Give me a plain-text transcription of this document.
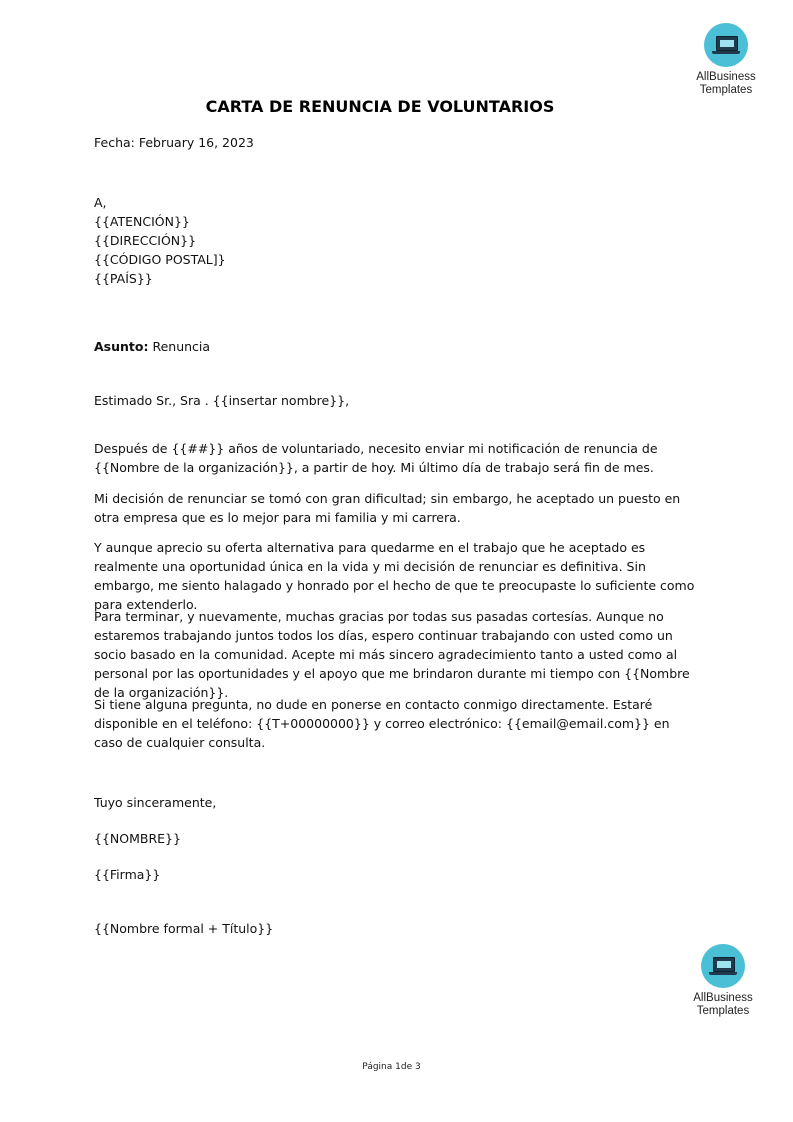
AllBusiness
Templates
CARTA DE RENUNCIA DE VOLUNTARIOS
Fecha: February 16, 2023
A,
{{ATENCIÓN}}
{{DIRECCIÓN}}
{{CÓDIGO POSTAL]}
{{PAÍS}}
Asunto: Renuncia
Estimado Sr., Sra . {{insertar nombre}},
Después de {{##}} años de voluntariado, necesito enviar mi notificación de renuncia de {{Nombre de la organización}}, a partir de hoy. Mi último día de trabajo será fin de mes.
Mi decisión de renunciar se tomó con gran dificultad; sin embargo, he aceptado un puesto en otra empresa que es lo mejor para mi familia y mi carrera.
Y aunque aprecio su oferta alternativa para quedarme en el trabajo que he aceptado es realmente una oportunidad única en la vida y mi decisión de renunciar es definitiva. Sin embargo, me siento halagado y honrado por el hecho de que te preocupaste lo suficiente como para extenderlo.
Para terminar, y nuevamente, muchas gracias por todas sus pasadas cortesías. Aunque no estaremos trabajando juntos todos los días, espero continuar trabajando con usted como un socio basado en la comunidad. Acepte mi más sincero agradecimiento tanto a usted como al personal por las oportunidades y el apoyo que me brindaron durante mi tiempo con {{Nombre de la organización}}.
Si tiene alguna pregunta, no dude en ponerse en contacto conmigo directamente. Estaré disponible en el teléfono: {{T+00000000}} y correo electrónico: {{email@email.com}} en caso de cualquier consulta.
Tuyo sinceramente,
{{NOMBRE}}
{{Firma}}
{{Nombre formal + Título}}
AllBusiness
Templates
Página 1de 3
